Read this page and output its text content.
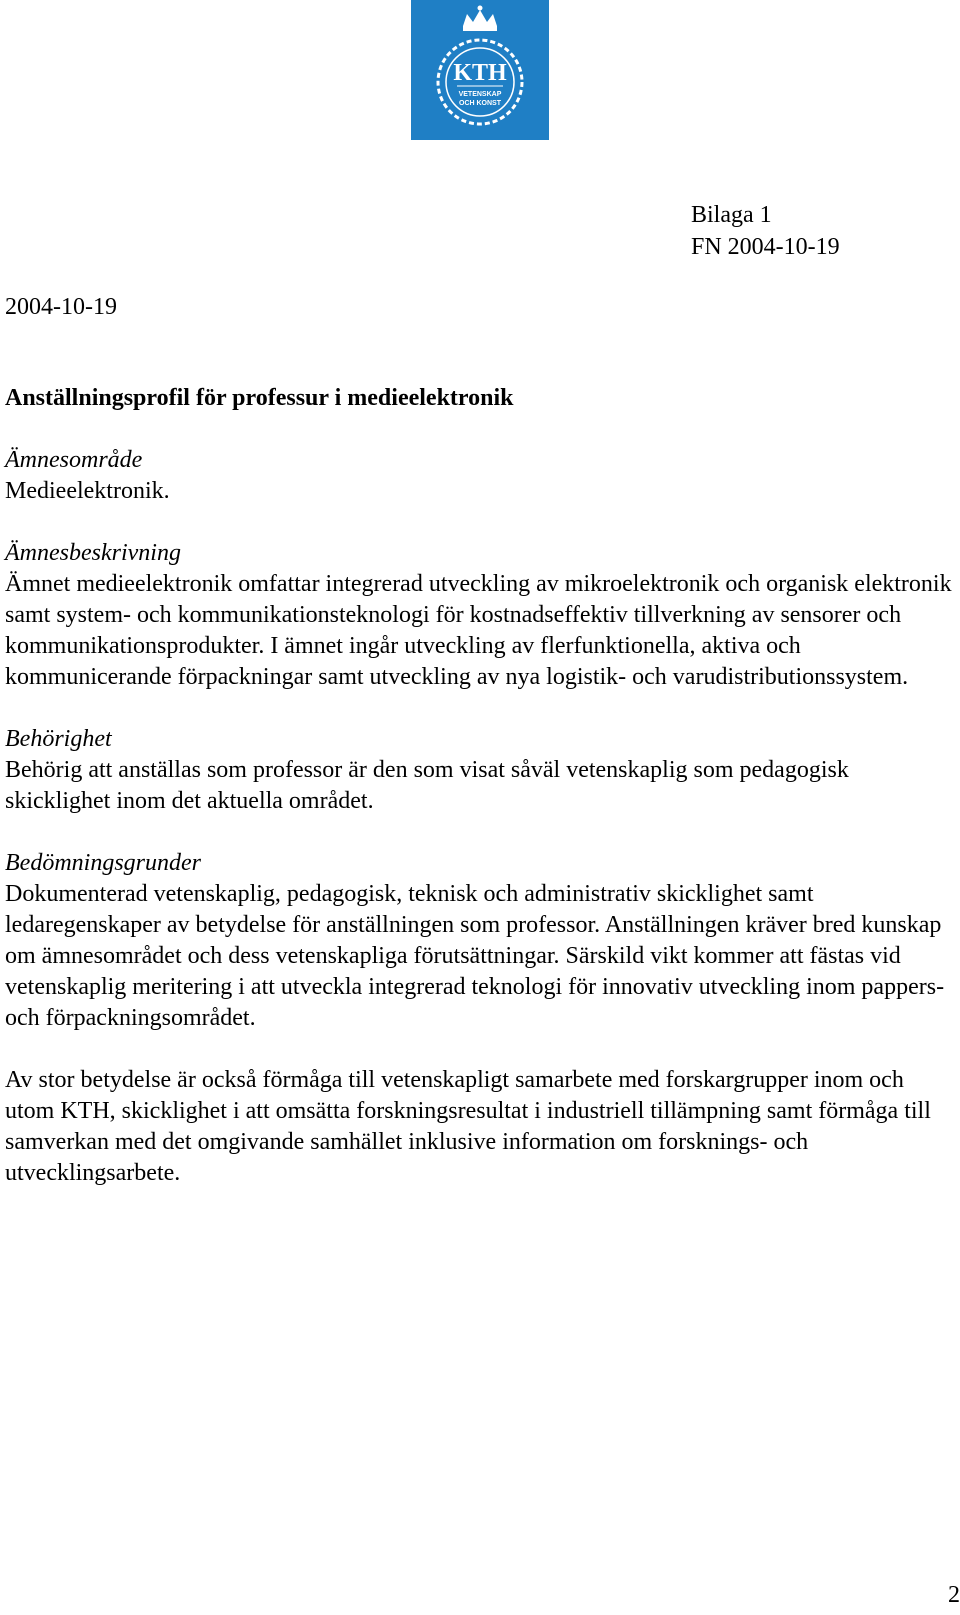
KTH
VETENSKAP
OCH KONST
Bilaga 1
FN 2004-10-19
2004-10-19
Anställningsprofil för professur i medieelektronik

Ämnesområde

Medieelektronik.

Ämnesbeskrivning

Ämnet medieelektronik omfattar integrerad utveckling av mikroelektronik och organisk elektronik samt system- och kommunikationsteknologi för kostnadseffektiv tillverkning av sensorer och kommunikationsprodukter. I ämnet ingår utveckling av flerfunktionella, aktiva och kommunicerande förpackningar samt utveckling av nya logistik- och varudistributionssystem.

Behörighet

Behörig att anställas som professor är den som visat såväl vetenskaplig som pedagogisk skicklighet inom det aktuella området.

Bedömningsgrunder

Dokumenterad vetenskaplig, pedagogisk, teknisk och administrativ skicklighet samt ledaregenskaper av betydelse för anställningen som professor. Anställningen kräver bred kunskap om ämnesområdet och dess vetenskapliga förutsättningar. Särskild vikt kommer att fästas vid vetenskaplig meritering i att utveckla integrerad teknologi för innovativ utveckling inom pappers- och förpackningsområdet.

Av stor betydelse är också förmåga till vetenskapligt samarbete med forskargrupper inom och utom KTH, skicklighet i att omsätta forskningsresultat i industriell tillämpning samt förmåga till samverkan med det omgivande samhället inklusive information om forsknings- och utvecklingsarbete.

2
